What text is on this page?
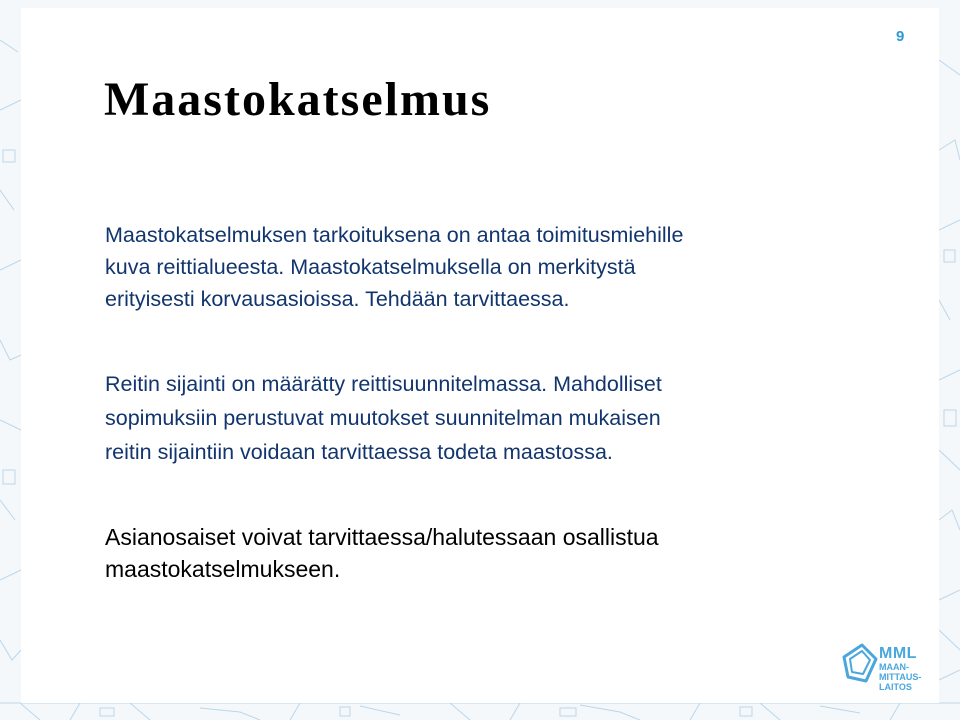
9
Maastokatselmus
Maastokatselmuksen tarkoituksena on antaa toimitusmiehille
kuva reittialueesta. Maastokatselmuksella on merkitystä
erityisesti korvausasioissa. Tehdään tarvittaessa.
Reitin sijainti on määrätty reittisuunnitelmassa. Mahdolliset
sopimuksiin perustuvat muutokset suunnitelman mukaisen
reitin sijaintiin voidaan tarvittaessa todeta maastossa.
Asianosaiset voivat tarvittaessa/halutessaan osallistua
maastokatselmukseen.
MML
MAAN-
MITTAUS-
LAITOS
